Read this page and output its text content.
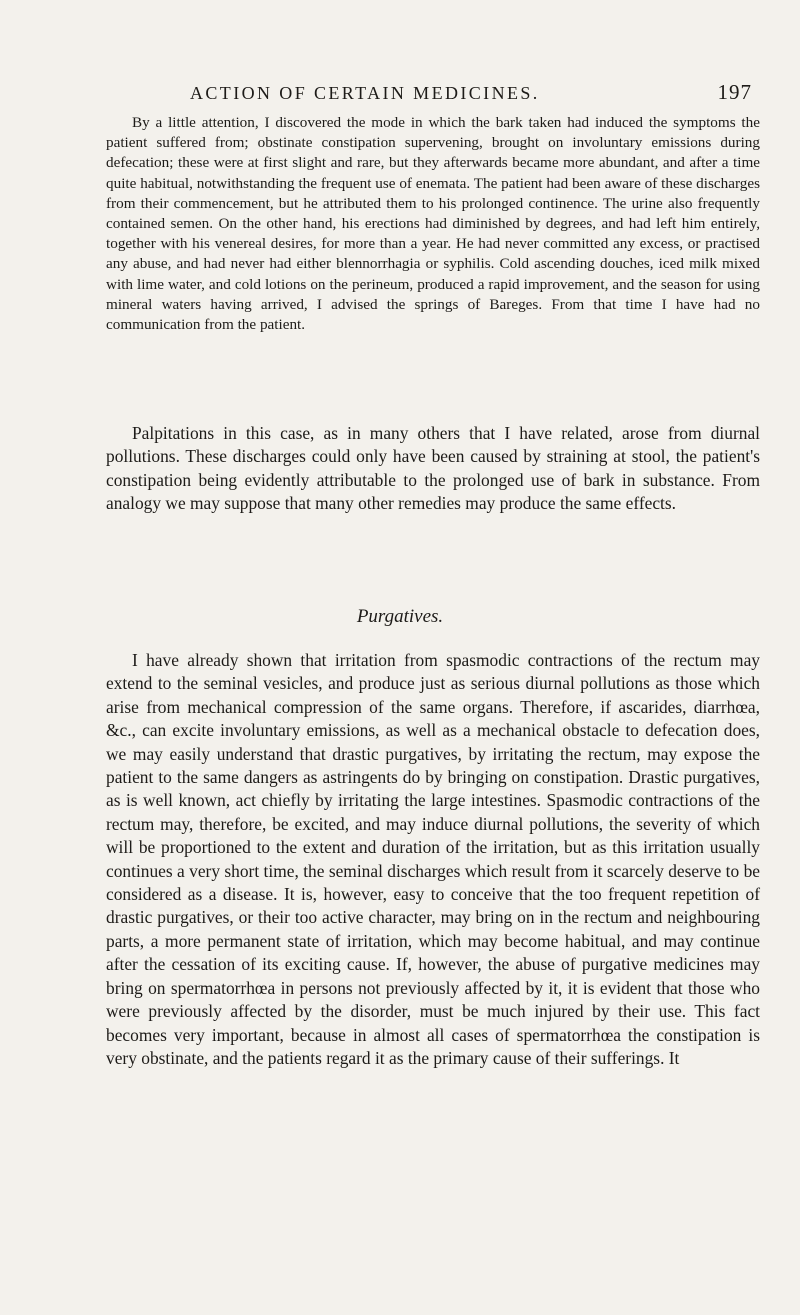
ACTION OF CERTAIN MEDICINES.	197

By a little attention, I discovered the mode in which the bark taken had induced the symptoms the patient suffered from; obstinate constipation supervening, brought on involuntary emissions during defecation; these were at first slight and rare, but they afterwards became more abundant, and after a time quite habitual, notwithstanding the frequent use of enemata. The patient had been aware of these discharges from their commencement, but he attributed them to his prolonged continence. The urine also frequently contained semen. On the other hand, his erections had diminished by degrees, and had left him entirely, together with his venereal desires, for more than a year. He had never committed any excess, or practised any abuse, and had never had either blennorrhagia or syphilis. Cold ascending douches, iced milk mixed with lime water, and cold lotions on the perineum, produced a rapid improvement, and the season for using mineral waters having arrived, I advised the springs of Bareges. From that time I have had no communication from the patient.

Palpitations in this case, as in many others that I have related, arose from diurnal pollutions. These discharges could only have been caused by straining at stool, the patient's constipation being evidently attributable to the prolonged use of bark in substance. From analogy we may suppose that many other remedies may produce the same effects.

Purgatives.

I have already shown that irritation from spasmodic contractions of the rectum may extend to the seminal vesicles, and produce just as serious diurnal pollutions as those which arise from mechanical compression of the same organs. Therefore, if ascarides, diarrhœa, &c., can excite involuntary emissions, as well as a mechanical obstacle to defecation does, we may easily understand that drastic purgatives, by irritating the rectum, may expose the patient to the same dangers as astringents do by bringing on constipation. Drastic purgatives, as is well known, act chiefly by irritating the large intestines. Spasmodic contractions of the rectum may, therefore, be excited, and may induce diurnal pollutions, the severity of which will be proportioned to the extent and duration of the irritation, but as this irritation usually continues a very short time, the seminal discharges which result from it scarcely deserve to be considered as a disease. It is, however, easy to conceive that the too frequent repetition of drastic purgatives, or their too active character, may bring on in the rectum and neighbouring parts, a more permanent state of irritation, which may become habitual, and may continue after the cessation of its exciting cause. If, however, the abuse of purgative medicines may bring on spermatorrhœa in persons not previously affected by it, it is evident that those who were previously affected by the disorder, must be much injured by their use. This fact becomes very important, because in almost all cases of spermatorrhœa the constipation is very obstinate, and the patients regard it as the primary cause of their sufferings. It
